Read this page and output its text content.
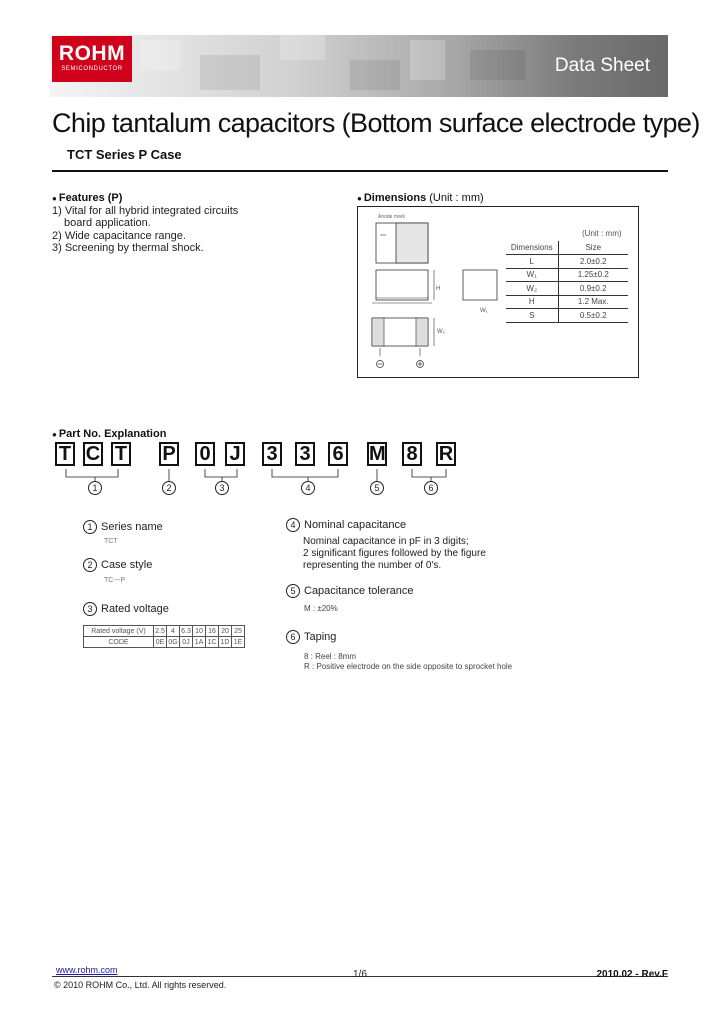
ROHM
SEMICONDUCTOR	Data Sheet
Chip tantalum capacitors (Bottom surface electrode type)
TCT Series P Case
● Features (P)
1) Vital for all hybrid integrated circuits
board application.
2) Wide capacitance range.
3) Screening by thermal shock.
● Dimensions (Unit : mm)
Anode mark
H
W₁
W₂
(Unit : mm)
Dimensions	Size
L	2.0±0.2
W₁	1.25±0.2
W₂	0.9±0.2
H	1.2 Max.
S	0.5±0.2
● Part No. Explanation
T C T P 0 J 3 3 6 M 8 R
1	2	3	4	5	6
1 Series name
TCT
2 Case style
TC---P
3 Rated voltage
Rated voltage (V)	2.5	4	6.3	10	16	20	25
CODE	0E	0G	0J	1A	1C	1D	1E
4 Nominal capacitance
Nominal capacitance in pF in 3 digits;
2 significant figures followed by the figure
representing the number of 0's.
5 Capacitance tolerance
M : ±20%
6 Taping
8 : Reel : 8mm
R : Positive electrode on the side opposite to sprocket hole
www.rohm.com
© 2010 ROHM Co., Ltd. All rights reserved.
1/6	2010.02 - Rev.F
